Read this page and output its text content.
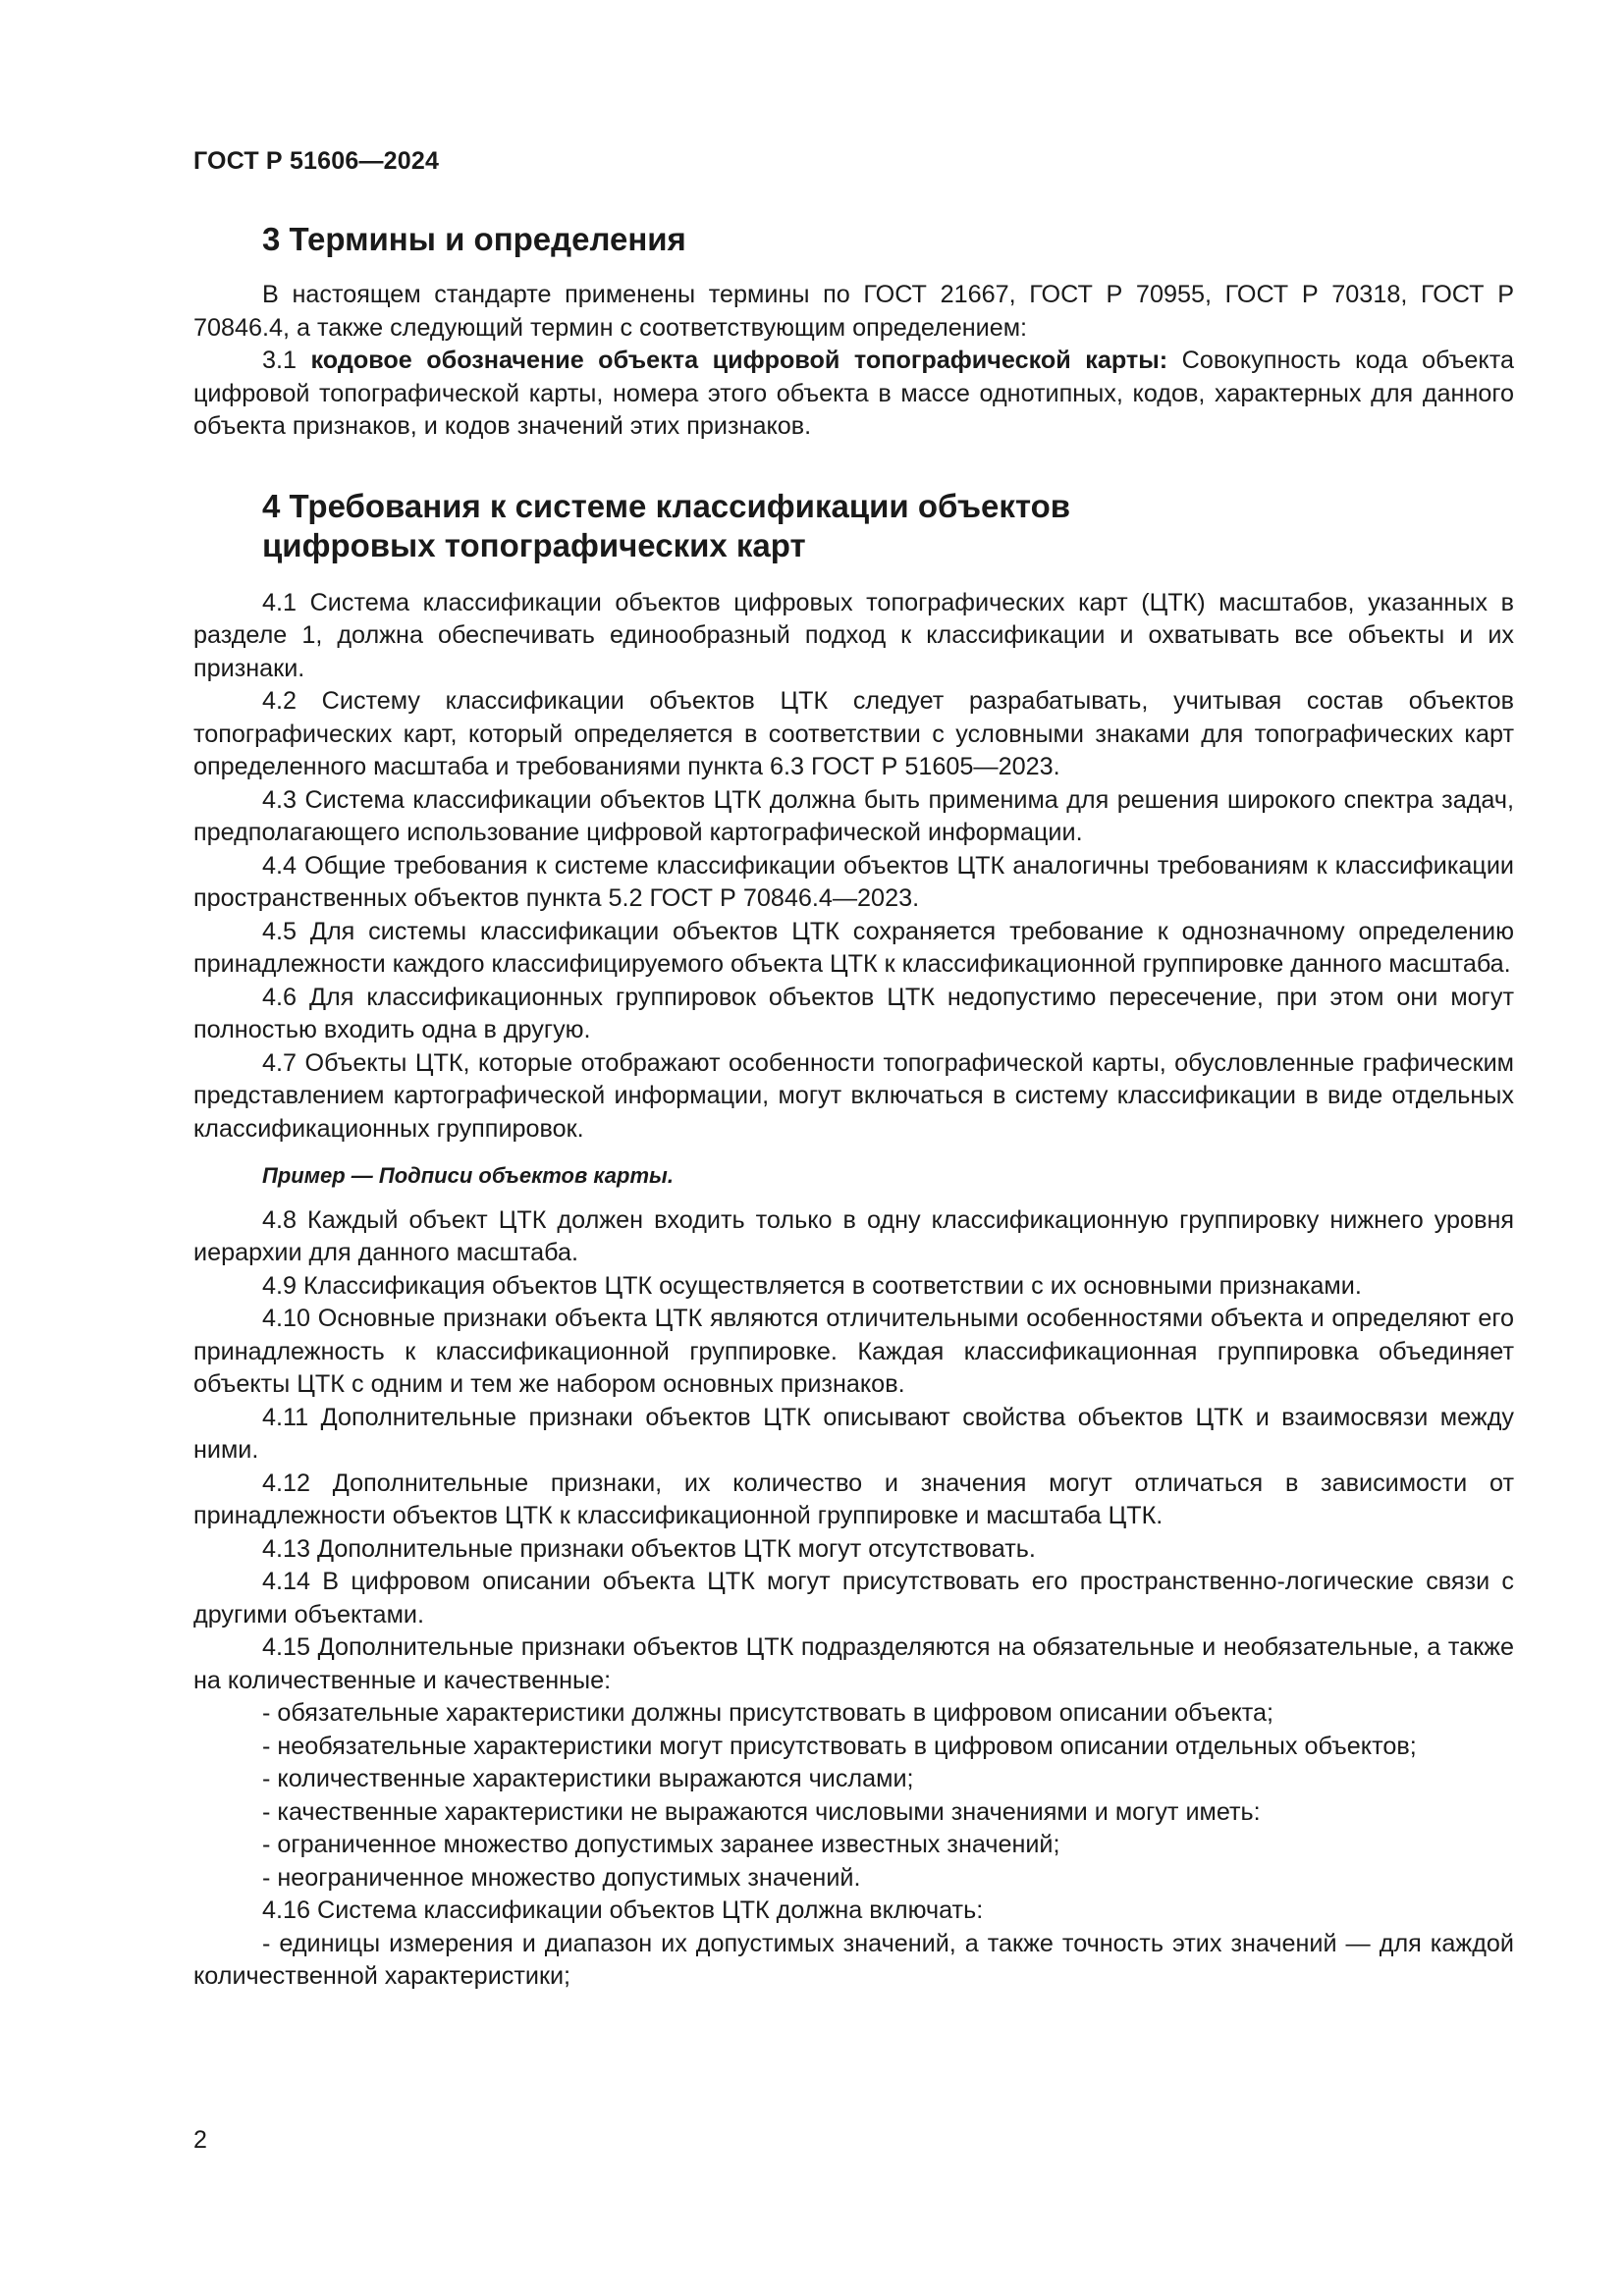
ГОСТ Р 51606—2024
3 Термины и определения

В настоящем стандарте применены термины по ГОСТ 21667, ГОСТ Р 70955, ГОСТ Р 70318, ГОСТ Р 70846.4, а также следующий термин с соответствующим определением:

3.1 кодовое обозначение объекта цифровой топографической карты: Совокупность кода объекта цифровой топографической карты, номера этого объекта в массе однотипных, кодов, характерных для данного объекта признаков, и кодов значений этих признаков.

4 Требования к системе классификации объектов
цифровых топографических карт

4.1 Система классификации объектов цифровых топографических карт (ЦТК) масштабов, указанных в разделе 1, должна обеспечивать единообразный подход к классификации и охватывать все объекты и их признаки.

4.2 Систему классификации объектов ЦТК следует разрабатывать, учитывая состав объектов топографических карт, который определяется в соответствии с условными знаками для топографических карт определенного масштаба и требованиями пункта 6.3 ГОСТ Р 51605—2023.

4.3 Система классификации объектов ЦТК должна быть применима для решения широкого спектра задач, предполагающего использование цифровой картографической информации.

4.4 Общие требования к системе классификации объектов ЦТК аналогичны требованиям к классификации пространственных объектов пункта 5.2 ГОСТ Р 70846.4—2023.

4.5 Для системы классификации объектов ЦТК сохраняется требование к однозначному определению принадлежности каждого классифицируемого объекта ЦТК к классификационной группировке данного масштаба.

4.6 Для классификационных группировок объектов ЦТК недопустимо пересечение, при этом они могут полностью входить одна в другую.

4.7 Объекты ЦТК, которые отображают особенности топографической карты, обусловленные графическим представлением картографической информации, могут включаться в систему классификации в виде отдельных классификационных группировок.

Пример — Подписи объектов карты.

4.8 Каждый объект ЦТК должен входить только в одну классификационную группировку нижнего уровня иерархии для данного масштаба.

4.9 Классификация объектов ЦТК осуществляется в соответствии с их основными признаками.

4.10 Основные признаки объекта ЦТК являются отличительными особенностями объекта и определяют его принадлежность к классификационной группировке. Каждая классификационная группировка объединяет объекты ЦТК с одним и тем же набором основных признаков.

4.11 Дополнительные признаки объектов ЦТК описывают свойства объектов ЦТК и взаимосвязи между ними.

4.12 Дополнительные признаки, их количество и значения могут отличаться в зависимости от принадлежности объектов ЦТК к классификационной группировке и масштаба ЦТК.

4.13 Дополнительные признаки объектов ЦТК могут отсутствовать.

4.14 В цифровом описании объекта ЦТК могут присутствовать его пространственно-логические связи с другими объектами.

4.15 Дополнительные признаки объектов ЦТК подразделяются на обязательные и необязательные, а также на количественные и качественные:

- обязательные характеристики должны присутствовать в цифровом описании объекта;

- необязательные характеристики могут присутствовать в цифровом описании отдельных объектов;

- количественные характеристики выражаются числами;

- качественные характеристики не выражаются числовыми значениями и могут иметь:

- ограниченное множество допустимых заранее известных значений;

- неограниченное множество допустимых значений.

4.16 Система классификации объектов ЦТК должна включать:

- единицы измерения и диапазон их допустимых значений, а также точность этих значений — для каждой количественной характеристики;

2
